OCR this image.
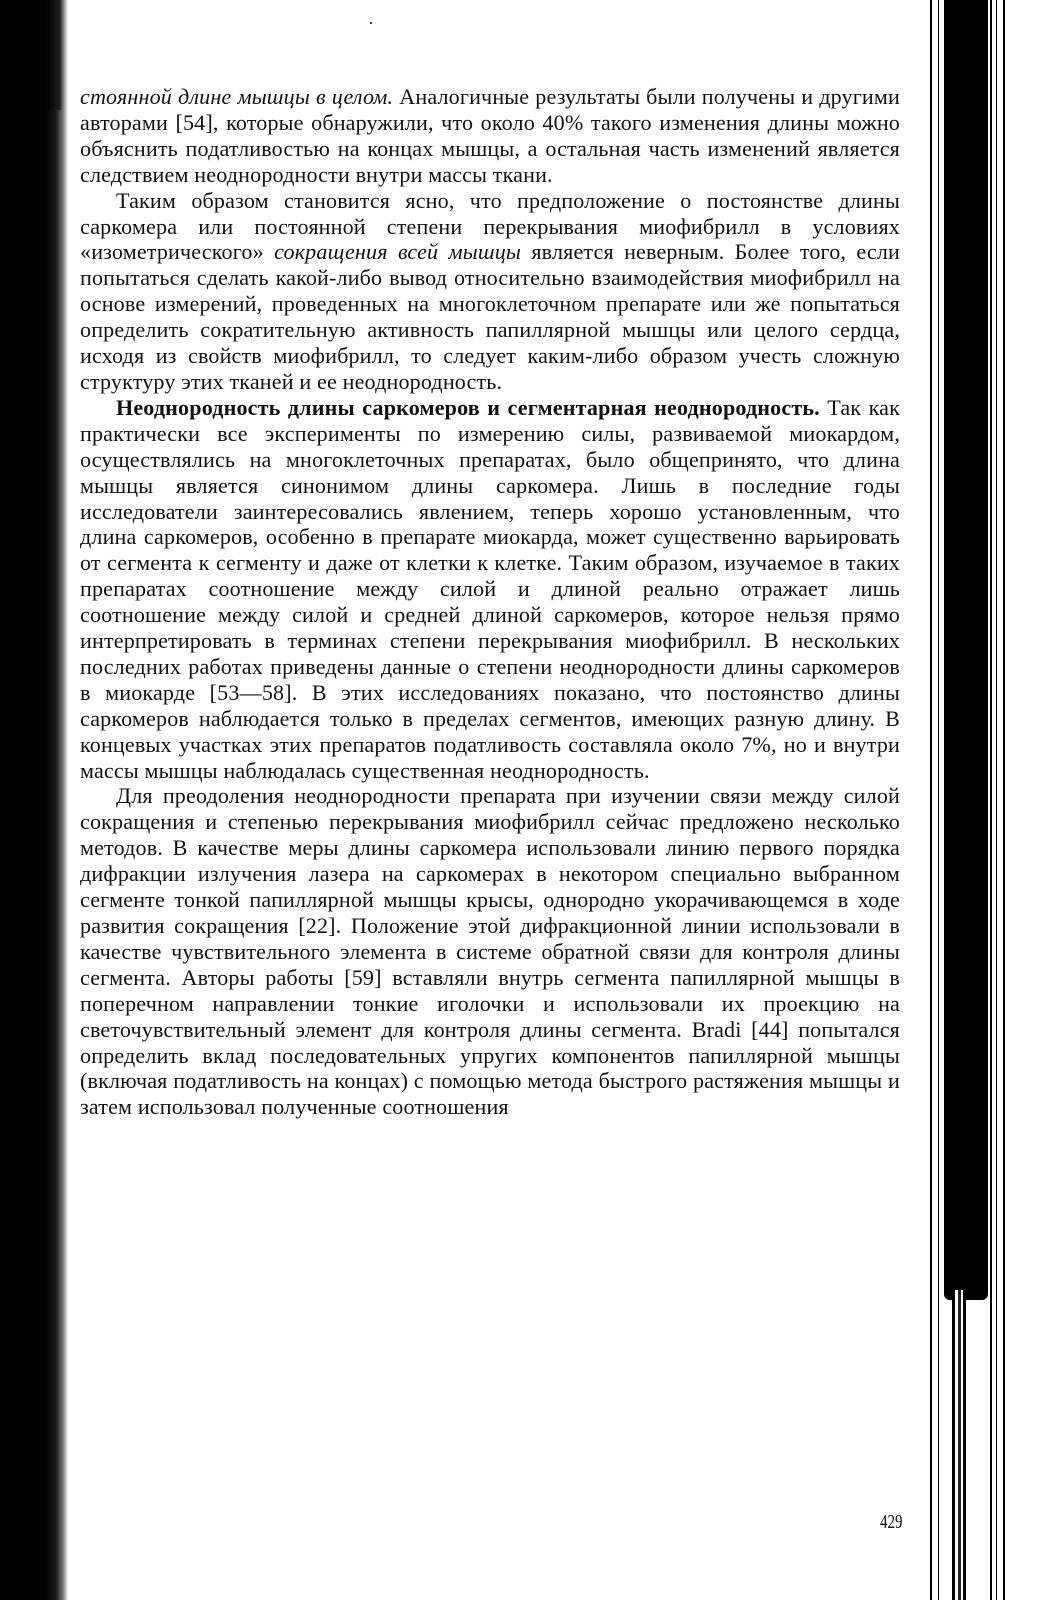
стоянной длине мышцы в целом. Аналогичные результаты были получены и другими авторами [54], которые обнаружили, что около 40% такого изменения длины можно объяснить податливостью на концах мышцы, а остальная часть изменений является следствием неоднородности внутри массы ткани.

Таким образом становится ясно, что предположение о постоянстве длины саркомера или постоянной степени перекрывания миофибрилл в условиях «изометрического» сокращения всей мышцы является неверным. Более того, если попытаться сделать какой-либо вывод относительно взаимодействия миофибрилл на основе измерений, проведенных на многоклеточном препарате или же попытаться определить сократительную активность папиллярной мышцы или целого сердца, исходя из свойств миофибрилл, то следует каким-либо образом учесть сложную структуру этих тканей и ее неоднородность.

Неоднородность длины саркомеров и сегментарная неоднородность. Так как практически все эксперименты по измерению силы, развиваемой миокардом, осуществлялись на многоклеточных препаратах, было общепринято, что длина мышцы является синонимом длины саркомера. Лишь в последние годы исследователи заинтересовались явлением, теперь хорошо установленным, что длина саркомеров, особенно в препарате миокарда, может существенно варьировать от сегмента к сегменту и даже от клетки к клетке. Таким образом, изучаемое в таких препаратах соотношение между силой и длиной реально отражает лишь соотношение между силой и средней длиной саркомеров, которое нельзя прямо интерпретировать в терминах степени перекрывания миофибрилл. В нескольких последних работах приведены данные о степени неоднородности длины саркомеров в миокарде [53—58]. В этих исследованиях показано, что постоянство длины саркомеров наблюдается только в пределах сегментов, имеющих разную длину. В концевых участках этих препаратов податливость составляла около 7%, но и внутри массы мышцы наблюдалась существенная неоднородность.

Для преодоления неоднородности препарата при изучении связи между силой сокращения и степенью перекрывания миофибрилл сейчас предложено несколько методов. В качестве меры длины саркомера использовали линию первого порядка дифракции излучения лазера на саркомерах в некотором специально выбранном сегменте тонкой папиллярной мышцы крысы, однородно укорачивающемся в ходе развития сокращения [22]. Положение этой дифракционной линии использовали в качестве чувствительного элемента в системе обратной связи для контроля длины сегмента. Авторы работы [59] вставляли внутрь сегмента папиллярной мышцы в поперечном направлении тонкие иголочки и использовали их проекцию на светочувствительный элемент для контроля длины сегмента. Bradi [44] попытался определить вклад последовательных упругих компонентов папиллярной мышцы (включая податливость на концах) с помощью метода быстрого растяжения мышцы и затем использовал полученные соотношения

429
